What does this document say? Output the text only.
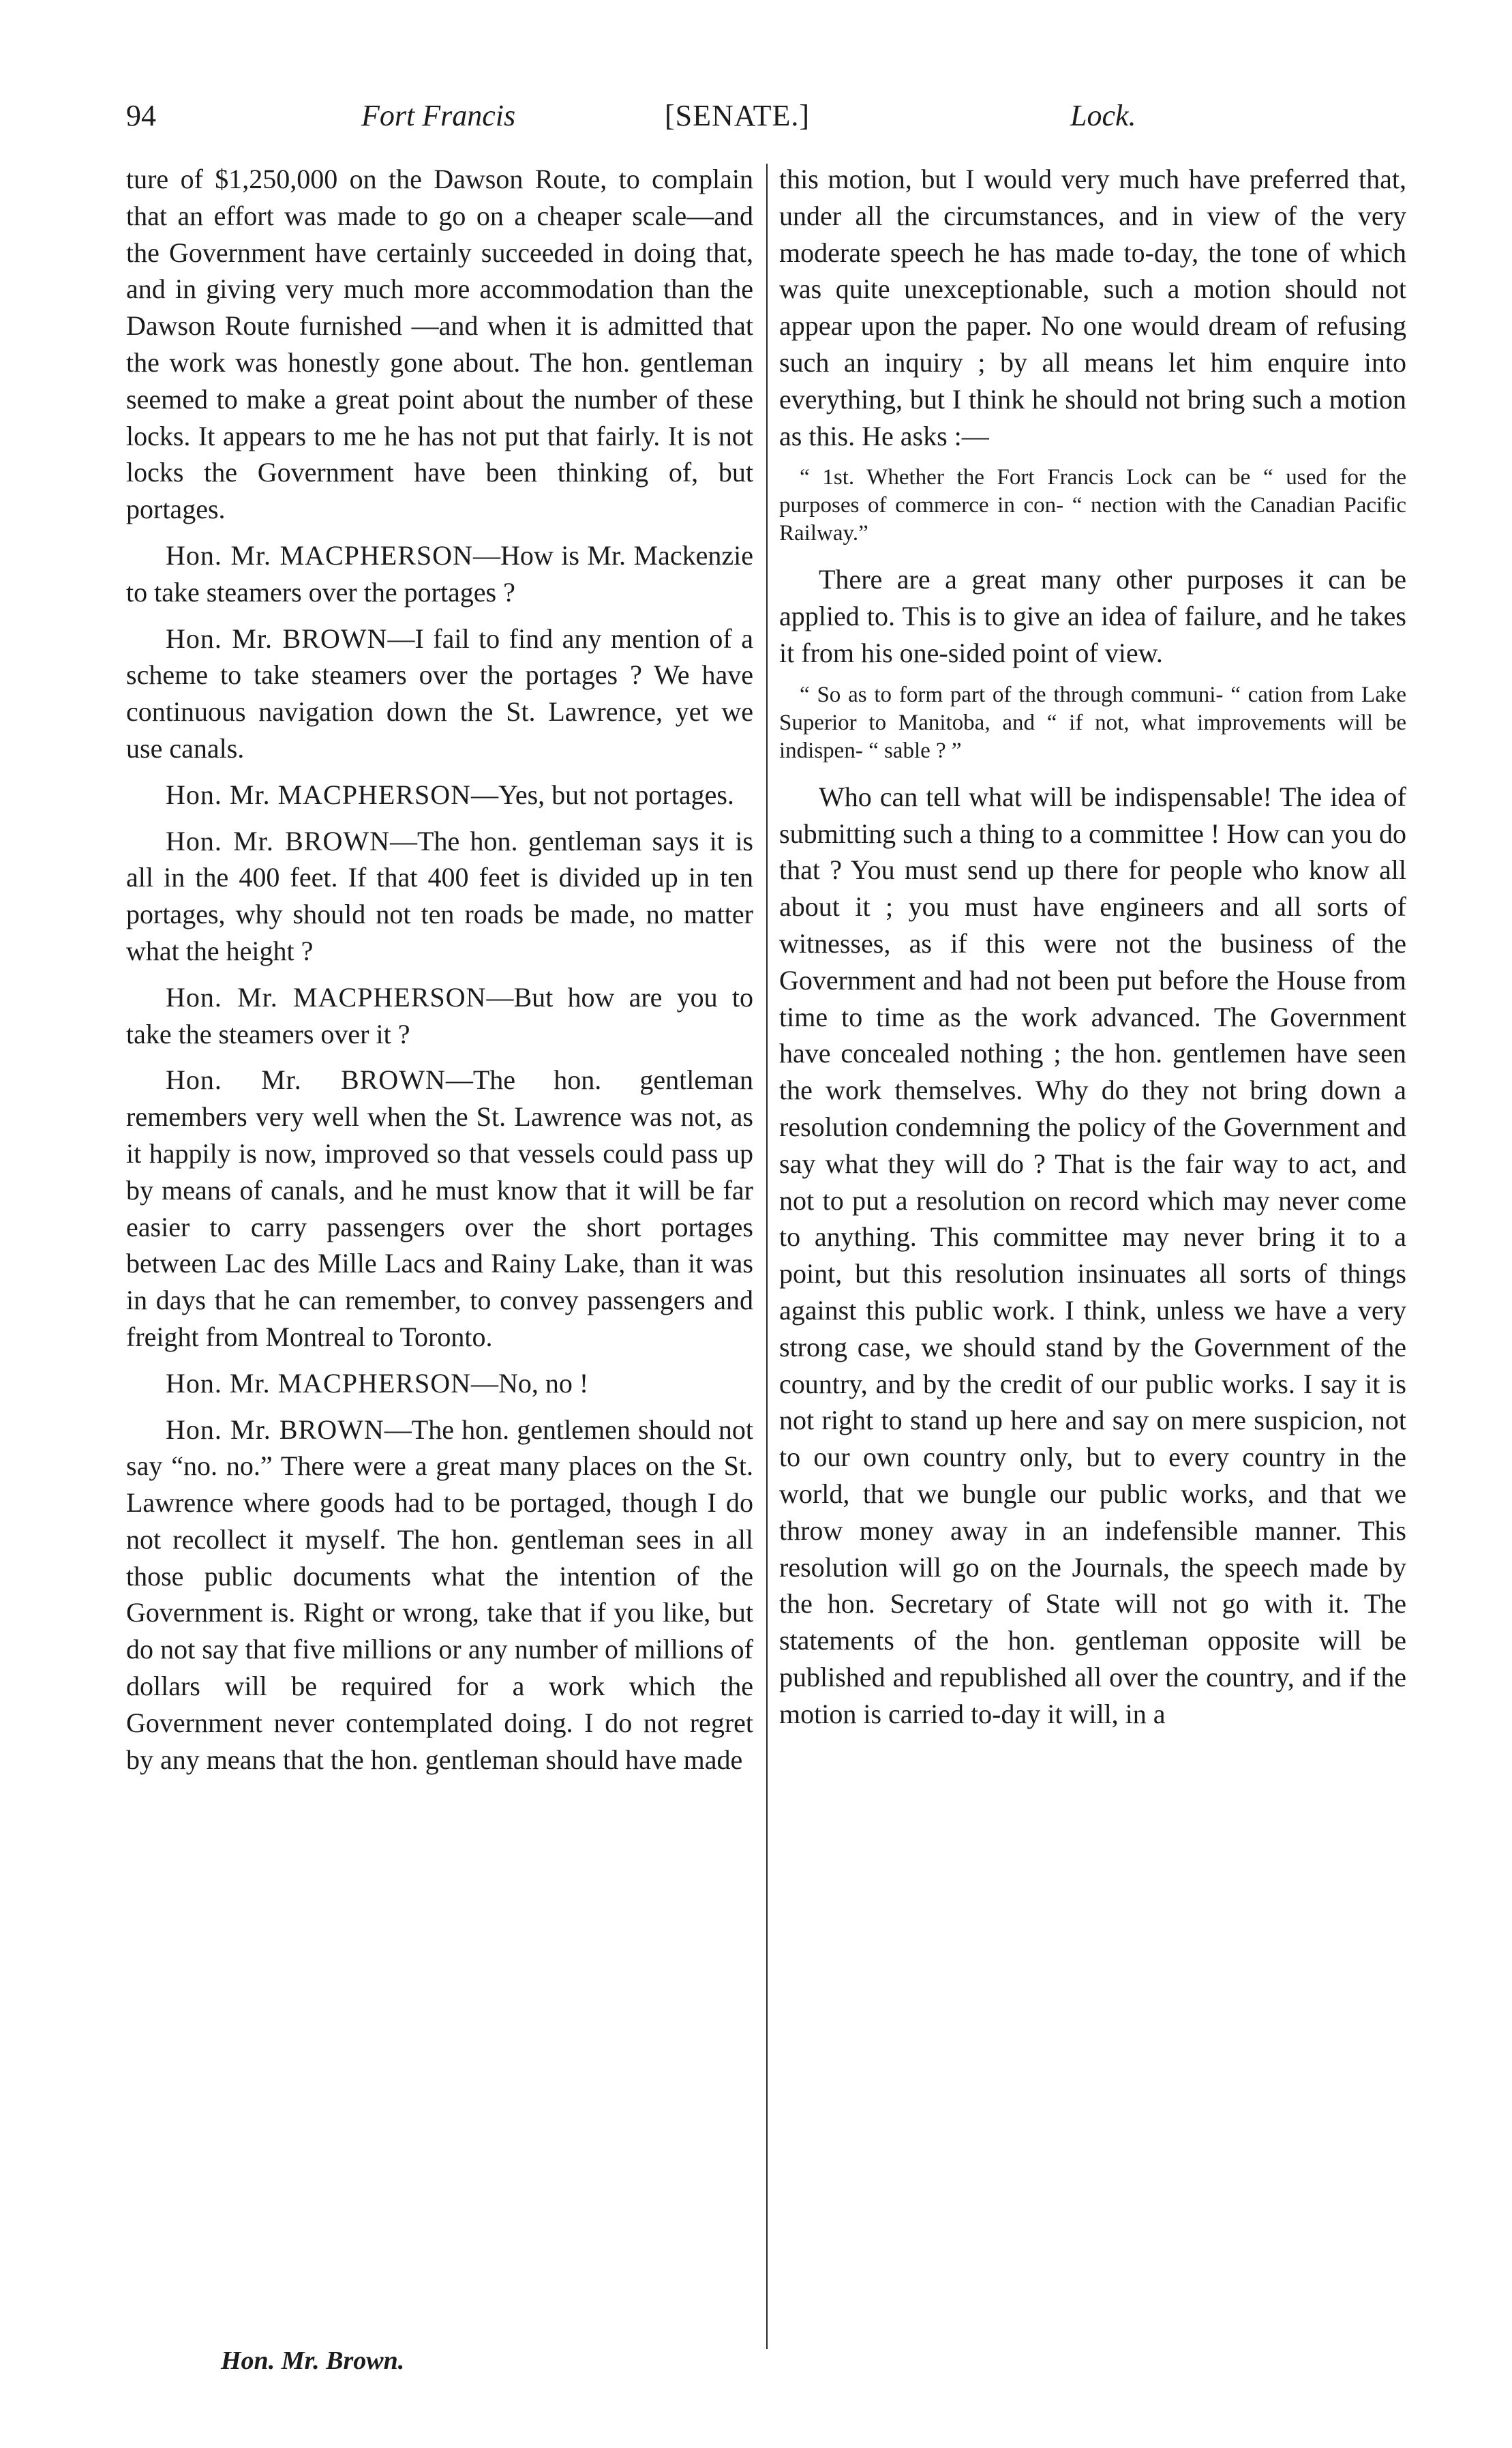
94	Fort Francis	[SENATE.]	Lock.

ture of $1,250,000 on the Dawson Route, to complain that an effort was made to go on a cheaper scale—and the Government have certainly succeeded in doing that, and in giving very much more accommodation than the Dawson Route furnished —and when it is admitted that the work was honestly gone about. The hon. gentleman seemed to make a great point about the number of these locks. It appears to me he has not put that fairly. It is not locks the Government have been thinking of, but portages.

Hon. Mr. MACPHERSON—How is Mr. Mackenzie to take steamers over the portages ?

Hon. Mr. BROWN—I fail to find any mention of a scheme to take steamers over the portages ? We have continuous navigation down the St. Lawrence, yet we use canals.

Hon. Mr. MACPHERSON—Yes, but not portages.

Hon. Mr. BROWN—The hon. gentleman says it is all in the 400 feet. If that 400 feet is divided up in ten portages, why should not ten roads be made, no matter what the height ?

Hon. Mr. MACPHERSON—But how are you to take the steamers over it ?

Hon. Mr. BROWN—The hon. gentleman remembers very well when the St. Lawrence was not, as it happily is now, improved so that vessels could pass up by means of canals, and he must know that it will be far easier to carry passengers over the short portages between Lac des Mille Lacs and Rainy Lake, than it was in days that he can remember, to convey passengers and freight from Montreal to Toronto.

Hon. Mr. MACPHERSON—No, no !

Hon. Mr. BROWN—The hon. gentlemen should not say “no. no.” There were a great many places on the St. Lawrence where goods had to be portaged, though I do not recollect it myself. The hon. gentleman sees in all those public documents what the intention of the Government is. Right or wrong, take that if you like, but do not say that five millions or any number of millions of dollars will be required for a work which the Government never contemplated doing. I do not regret by any means that the hon. gentleman should have made

this motion, but I would very much have preferred that, under all the circumstances, and in view of the very moderate speech he has made to-day, the tone of which was quite unexceptionable, such a motion should not appear upon the paper. No one would dream of refusing such an inquiry ; by all means let him enquire into everything, but I think he should not bring such a motion as this. He asks :—

“ 1st. Whether the Fort Francis Lock can be “ used for the purposes of commerce in con- “ nection with the Canadian Pacific Railway.”

There are a great many other purposes it can be applied to. This is to give an idea of failure, and he takes it from his one-sided point of view.

“ So as to form part of the through communi- “ cation from Lake Superior to Manitoba, and “ if not, what improvements will be indispen- “ sable ? ”

Who can tell what will be indispensable! The idea of submitting such a thing to a committee ! How can you do that ? You must send up there for people who know all about it ; you must have engineers and all sorts of witnesses, as if this were not the business of the Government and had not been put before the House from time to time as the work advanced. The Government have concealed nothing ; the hon. gentlemen have seen the work themselves. Why do they not bring down a resolution condemning the policy of the Government and say what they will do ? That is the fair way to act, and not to put a resolution on record which may never come to anything. This committee may never bring it to a point, but this resolution insinuates all sorts of things against this public work. I think, unless we have a very strong case, we should stand by the Government of the country, and by the credit of our public works. I say it is not right to stand up here and say on mere suspicion, not to our own country only, but to every country in the world, that we bungle our public works, and that we throw money away in an indefensible manner. This resolution will go on the Journals, the speech made by the hon. Secretary of State will not go with it. The statements of the hon. gentleman opposite will be published and republished all over the country, and if the motion is carried to-day it will, in a

Hon. Mr. Brown.
